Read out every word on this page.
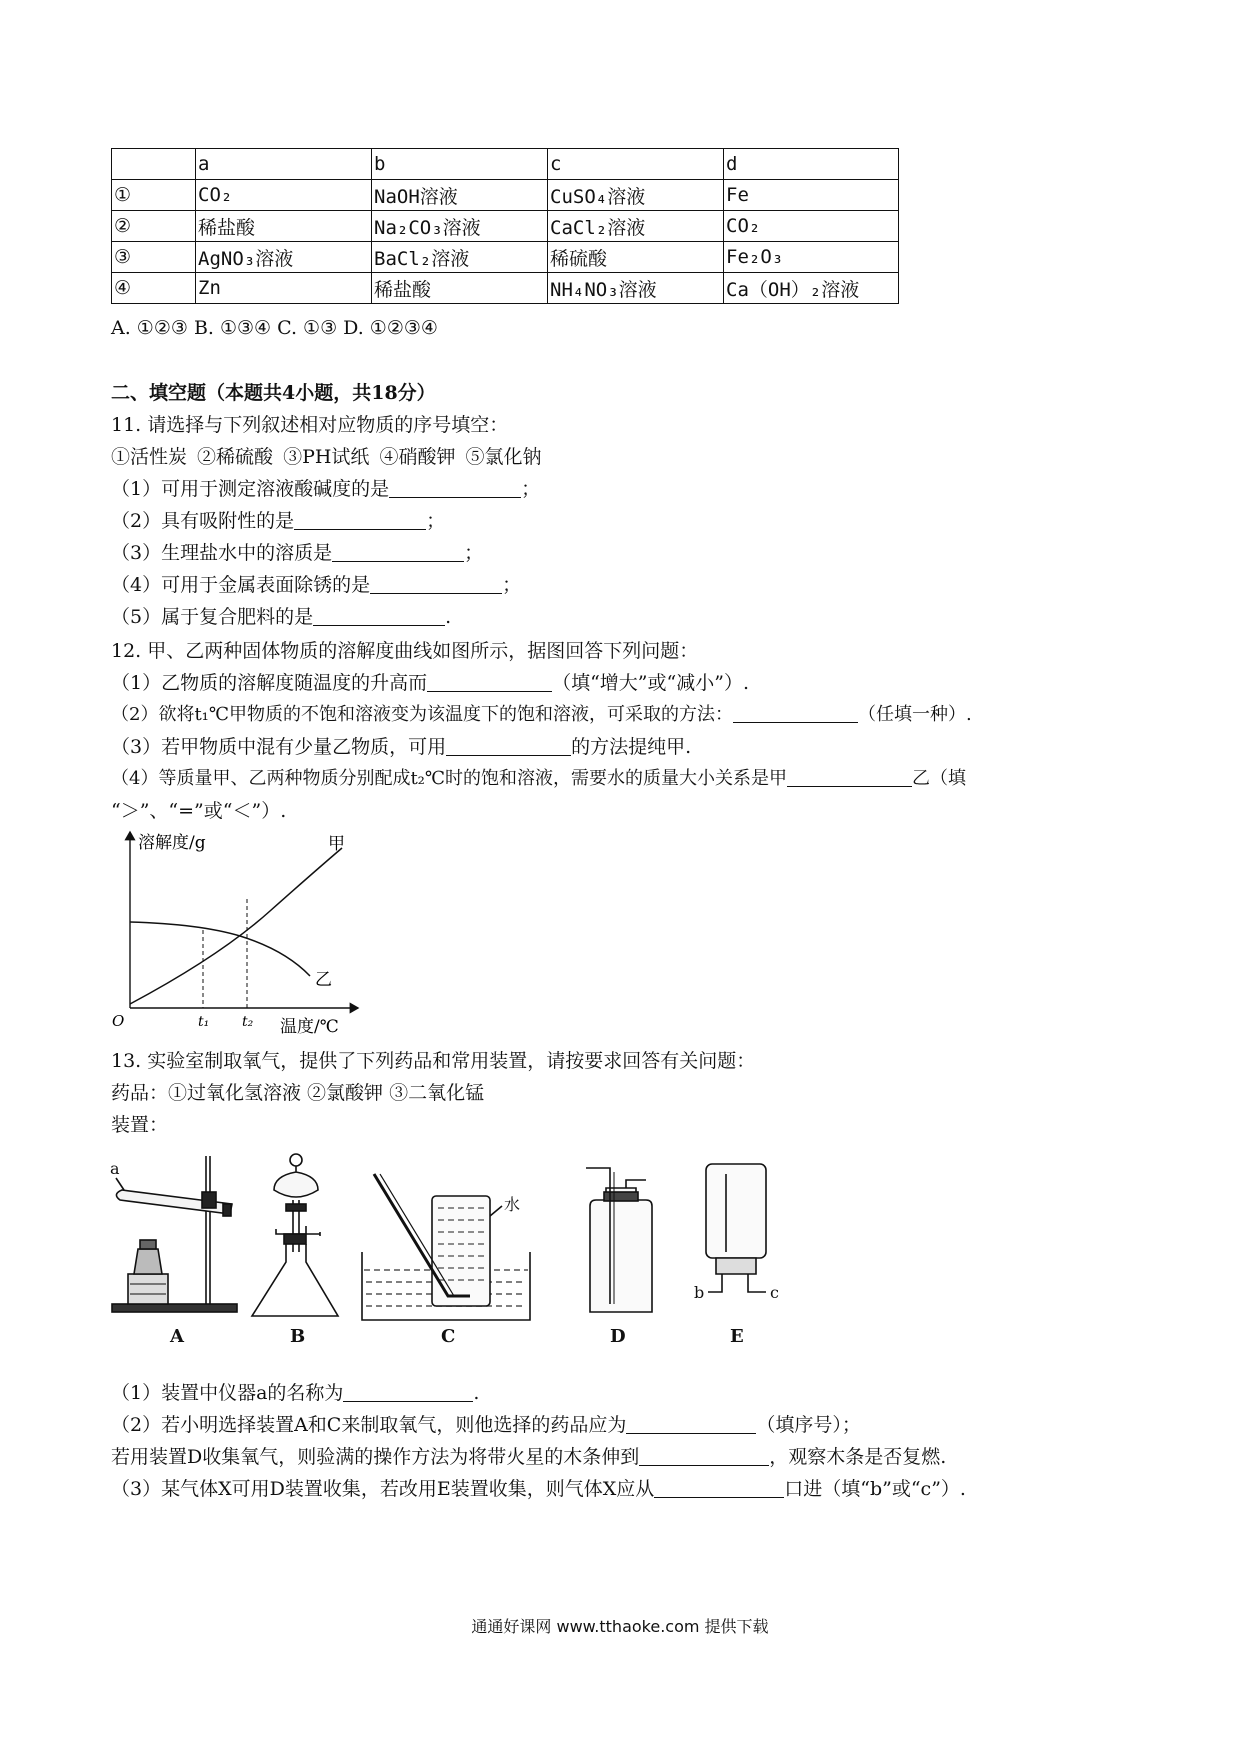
	a	b	c	d
①	CO₂	NaOH溶液	CuSO₄溶液	Fe
②	稀盐酸	Na₂CO₃溶液	CaCl₂溶液	CO₂
③	AgNO₃溶液	BaCl₂溶液	稀硫酸	Fe₂O₃
④	Zn	稀盐酸	NH₄NO₃溶液	Ca（OH）₂溶液
A. ①②③ B. ①③④ C. ①③ D. ①②③④
二、填空题（本题共4小题，共18分）
11. 请选择与下列叙述相对应物质的序号填空：
①活性炭 ②稀硫酸 ③PH试纸 ④硝酸钾 ⑤氯化钠
（1）可用于测定溶液酸碱度的是	；
（2）具有吸附性的是	；
（3）生理盐水中的溶质是	；
（4）可用于金属表面除锈的是	；
（5）属于复合肥料的是	.
12. 甲、乙两种固体物质的溶解度曲线如图所示，据图回答下列问题：
（1）乙物质的溶解度随温度的升高而	（填“增大”或“减小”）.
（2）欲将t₁℃甲物质的不饱和溶液变为该温度下的饱和溶液，可采取的方法：	（任填一种）.
（3）若甲物质中混有少量乙物质，可用	的方法提纯甲.
（4）等质量甲、乙两种物质分别配成t₂℃时的饱和溶液，需要水的质量大小关系是甲	乙（填
“＞”、“=”或“＜”）.
溶解度/g	甲
乙
O	t₁ t₂ 温度/℃
13. 实验室制取氧气，提供了下列药品和常用装置，请按要求回答有关问题：
药品：①过氧化氢溶液 ②氯酸钾 ③二氧化锰
装置：
a
水
b	c
A	B	C	D	E
（1）装置中仪器a的名称为	.
（2）若小明选择装置A和C来制取氧气，则他选择的药品应为	（填序号）；
若用装置D收集氧气，则验满的操作方法为将带火星的木条伸到	，观察木条是否复燃.
（3）某气体X可用D装置收集，若改用E装置收集，则气体X应从	口进（填“b”或“c”）.
通通好课网 www.tthaoke.com 提供下载
